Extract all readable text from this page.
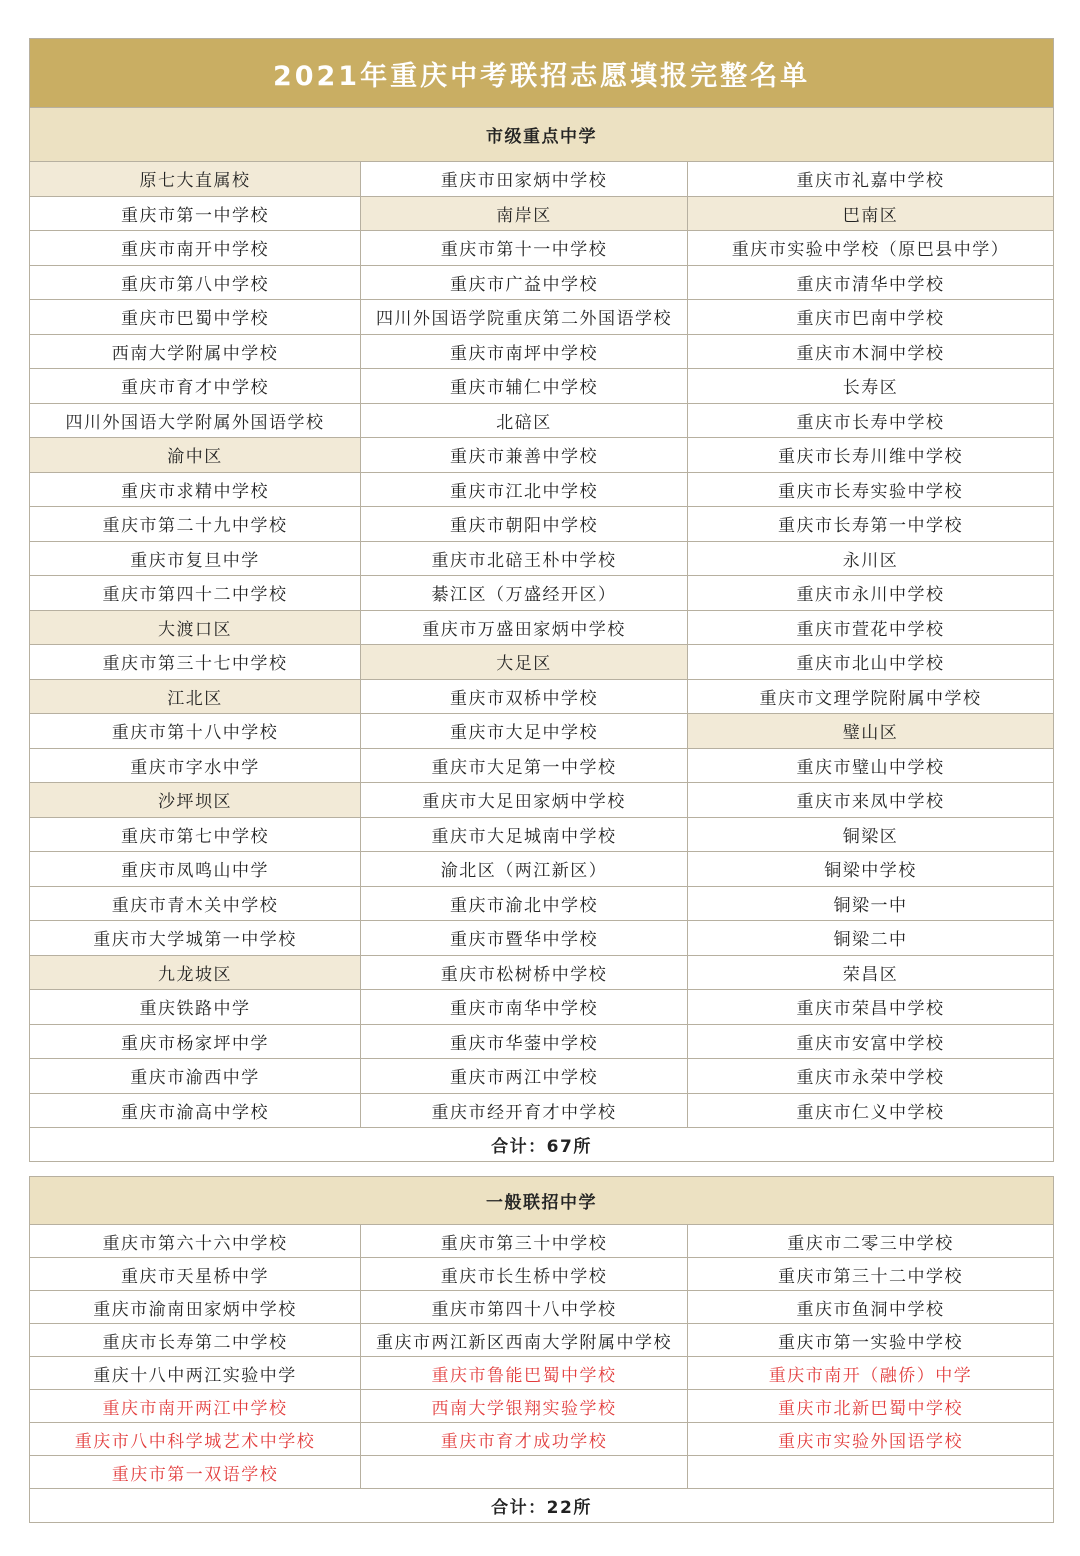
2021年重庆中考联招志愿填报完整名单		
市级重点中学		
原七大直属校	重庆市田家炳中学校	重庆市礼嘉中学校
重庆市第一中学校	南岸区	巴南区
重庆市南开中学校	重庆市第十一中学校	重庆市实验中学校（原巴县中学）
重庆市第八中学校	重庆市广益中学校	重庆市清华中学校
重庆市巴蜀中学校	四川外国语学院重庆第二外国语学校	重庆市巴南中学校
西南大学附属中学校	重庆市南坪中学校	重庆市木洞中学校
重庆市育才中学校	重庆市辅仁中学校	长寿区
四川外国语大学附属外国语学校	北碚区	重庆市长寿中学校
渝中区	重庆市兼善中学校	重庆市长寿川维中学校
重庆市求精中学校	重庆市江北中学校	重庆市长寿实验中学校
重庆市第二十九中学校	重庆市朝阳中学校	重庆市长寿第一中学校
重庆市复旦中学	重庆市北碚王朴中学校	永川区
重庆市第四十二中学校	綦江区（万盛经开区）	重庆市永川中学校
大渡口区	重庆市万盛田家炳中学校	重庆市萱花中学校
重庆市第三十七中学校	大足区	重庆市北山中学校
江北区	重庆市双桥中学校	重庆市文理学院附属中学校
重庆市第十八中学校	重庆市大足中学校	璧山区
重庆市字水中学	重庆市大足第一中学校	重庆市璧山中学校
沙坪坝区	重庆市大足田家炳中学校	重庆市来凤中学校
重庆市第七中学校	重庆市大足城南中学校	铜梁区
重庆市凤鸣山中学	渝北区（两江新区）	铜梁中学校
重庆市青木关中学校	重庆市渝北中学校	铜梁一中
重庆市大学城第一中学校	重庆市暨华中学校	铜梁二中
九龙坡区	重庆市松树桥中学校	荣昌区
重庆铁路中学	重庆市南华中学校	重庆市荣昌中学校
重庆市杨家坪中学	重庆市华蓥中学校	重庆市安富中学校
重庆市渝西中学	重庆市两江中学校	重庆市永荣中学校
重庆市渝高中学校	重庆市经开育才中学校	重庆市仁义中学校
合计：67所		
一般联招中学		
重庆市第六十六中学校	重庆市第三十中学校	重庆市二零三中学校
重庆市天星桥中学	重庆市长生桥中学校	重庆市第三十二中学校
重庆市渝南田家炳中学校	重庆市第四十八中学校	重庆市鱼洞中学校
重庆市长寿第二中学校	重庆市两江新区西南大学附属中学校	重庆市第一实验中学校
重庆十八中两江实验中学	重庆市鲁能巴蜀中学校	重庆市南开（融侨）中学
重庆市南开两江中学校	西南大学银翔实验学校	重庆市北新巴蜀中学校
重庆市八中科学城艺术中学校	重庆市育才成功学校	重庆市实验外国语学校
重庆市第一双语学校		
合计：22所		
